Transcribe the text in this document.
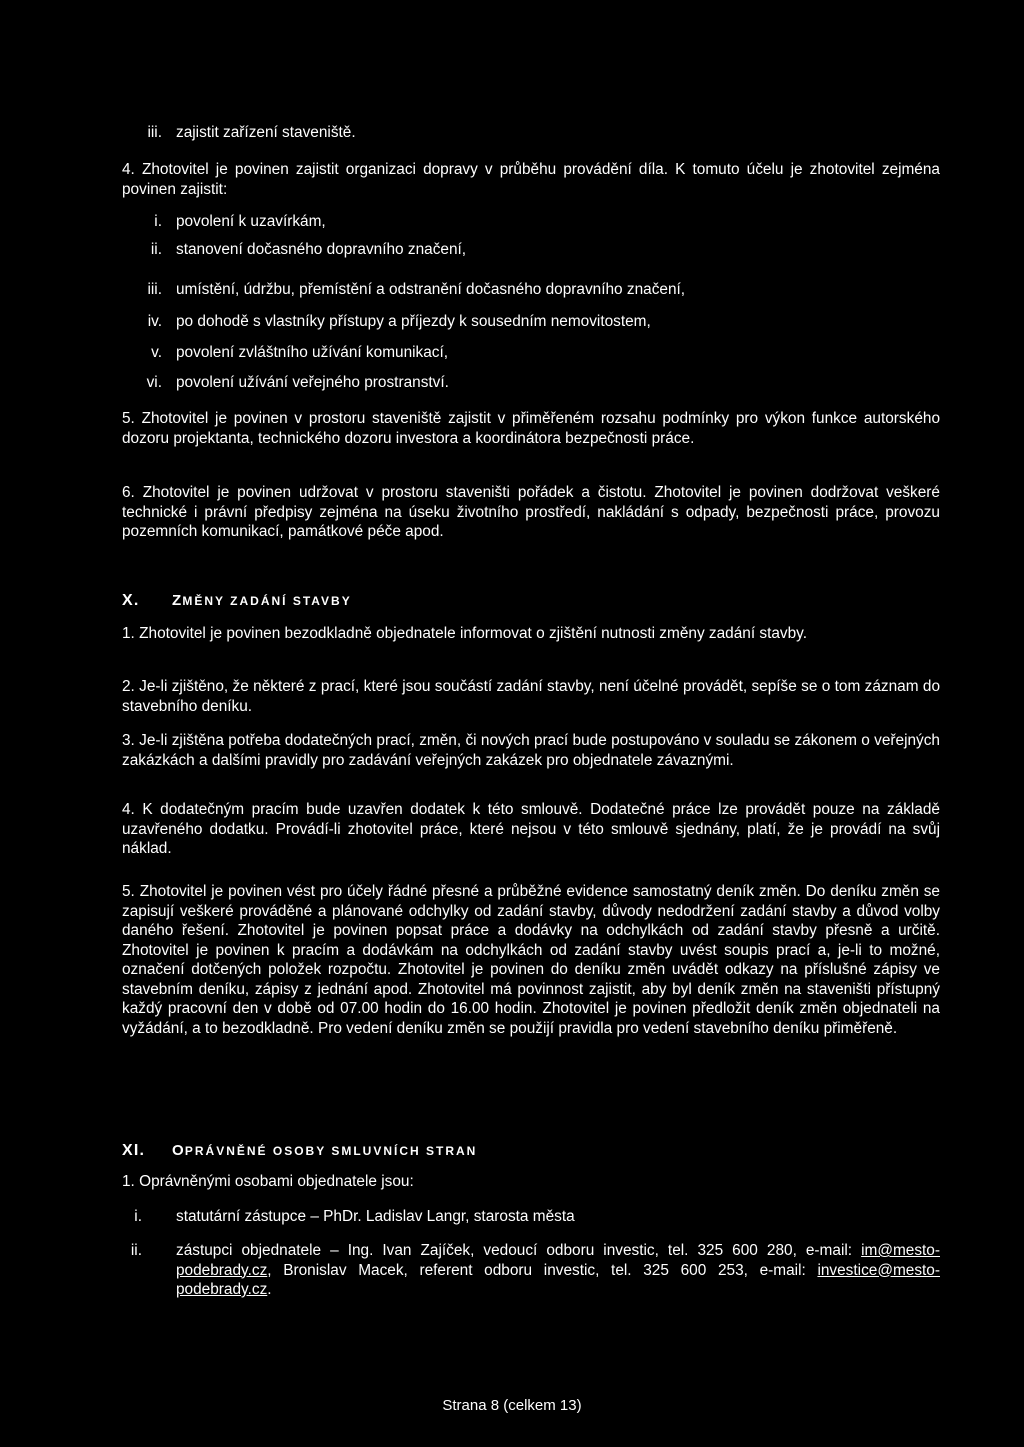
iii. zajistit zařízení staveniště.
4. Zhotovitel je povinen zajistit organizaci dopravy v průběhu provádění díla. K tomuto účelu je zhotovitel zejména povinen zajistit:
i. povolení k uzavírkám,
ii. stanovení dočasného dopravního značení,
iii. umístění, údržbu, přemístění a odstranění dočasného dopravního značení,
iv. po dohodě s vlastníky přístupy a příjezdy k sousedním nemovitostem,
v. povolení zvláštního užívání komunikací,
vi. povolení užívání veřejného prostranství.
5. Zhotovitel je povinen v prostoru staveniště zajistit v přiměřeném rozsahu podmínky pro výkon funkce autorského dozoru projektanta, technického dozoru investora a koordinátora bezpečnosti práce.
6. Zhotovitel je povinen udržovat v prostoru staveništi pořádek a čistotu. Zhotovitel je povinen dodržovat veškeré technické i právní předpisy zejména na úseku životního prostředí, nakládání s odpady, bezpečnosti práce, provozu pozemních komunikací, památkové péče apod.
X. ZMĚNY ZADÁNÍ STAVBY
1. Zhotovitel je povinen bezodkladně objednatele informovat o zjištění nutnosti změny zadání stavby.
2. Je-li zjištěno, že některé z prací, které jsou součástí zadání stavby, není účelné provádět, sepíše se o tom záznam do stavebního deníku.
3. Je-li zjištěna potřeba dodatečných prací, změn, či nových prací bude postupováno v souladu se zákonem o veřejných zakázkách a dalšími pravidly pro zadávání veřejných zakázek pro objednatele závaznými.
4. K dodatečným pracím bude uzavřen dodatek k této smlouvě. Dodatečné práce lze provádět pouze na základě uzavřeného dodatku. Provádí-li zhotovitel práce, které nejsou v této smlouvě sjednány, platí, že je provádí na svůj náklad.
5. Zhotovitel je povinen vést pro účely řádné přesné a průběžné evidence samostatný deník změn. Do deníku změn se zapisují veškeré prováděné a plánované odchylky od zadání stavby, důvody nedodržení zadání stavby a důvod volby daného řešení. Zhotovitel je povinen popsat práce a dodávky na odchylkách od zadání stavby přesně a určitě. Zhotovitel je povinen k pracím a dodávkám na odchylkách od zadání stavby uvést soupis prací a, je-li to možné, označení dotčených položek rozpočtu. Zhotovitel je povinen do deníku změn uvádět odkazy na příslušné zápisy ve stavebním deníku, zápisy z jednání apod. Zhotovitel má povinnost zajistit, aby byl deník změn na staveništi přístupný každý pracovní den v době od 07.00 hodin do 16.00 hodin. Zhotovitel je povinen předložit deník změn objednateli na vyžádání, a to bezodkladně. Pro vedení deníku změn se použijí pravidla pro vedení stavebního deníku přiměřeně.
XI. OPRÁVNĚNÉ OSOBY SMLUVNÍCH STRAN
1. Oprávněnými osobami objednatele jsou:
i. statutární zástupce – PhDr. Ladislav Langr, starosta města
ii. zástupci objednatele – Ing. Ivan Zajíček, vedoucí odboru investic, tel. 325 600 280, e-mail: im@mesto-podebrady.cz, Bronislav Macek, referent odboru investic, tel. 325 600 253, e-mail: investice@mesto-podebrady.cz.
Strana 8 (celkem 13)
